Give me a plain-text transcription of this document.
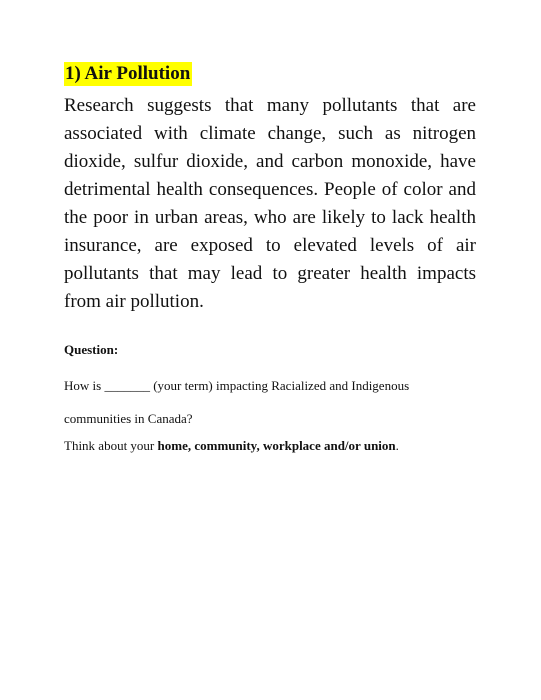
1) Air Pollution

Research suggests that many pollutants that are associated with climate change, such as nitrogen dioxide, sulfur dioxide, and carbon monoxide, have detrimental health consequences. People of color and the poor in urban areas, who are likely to lack health insurance, are exposed to elevated levels of air pollutants that may lead to greater health impacts from air pollution.

Question:

How is _______ (your term) impacting Racialized and Indigenous communities in Canada?

Think about your home, community, workplace and/or union.
